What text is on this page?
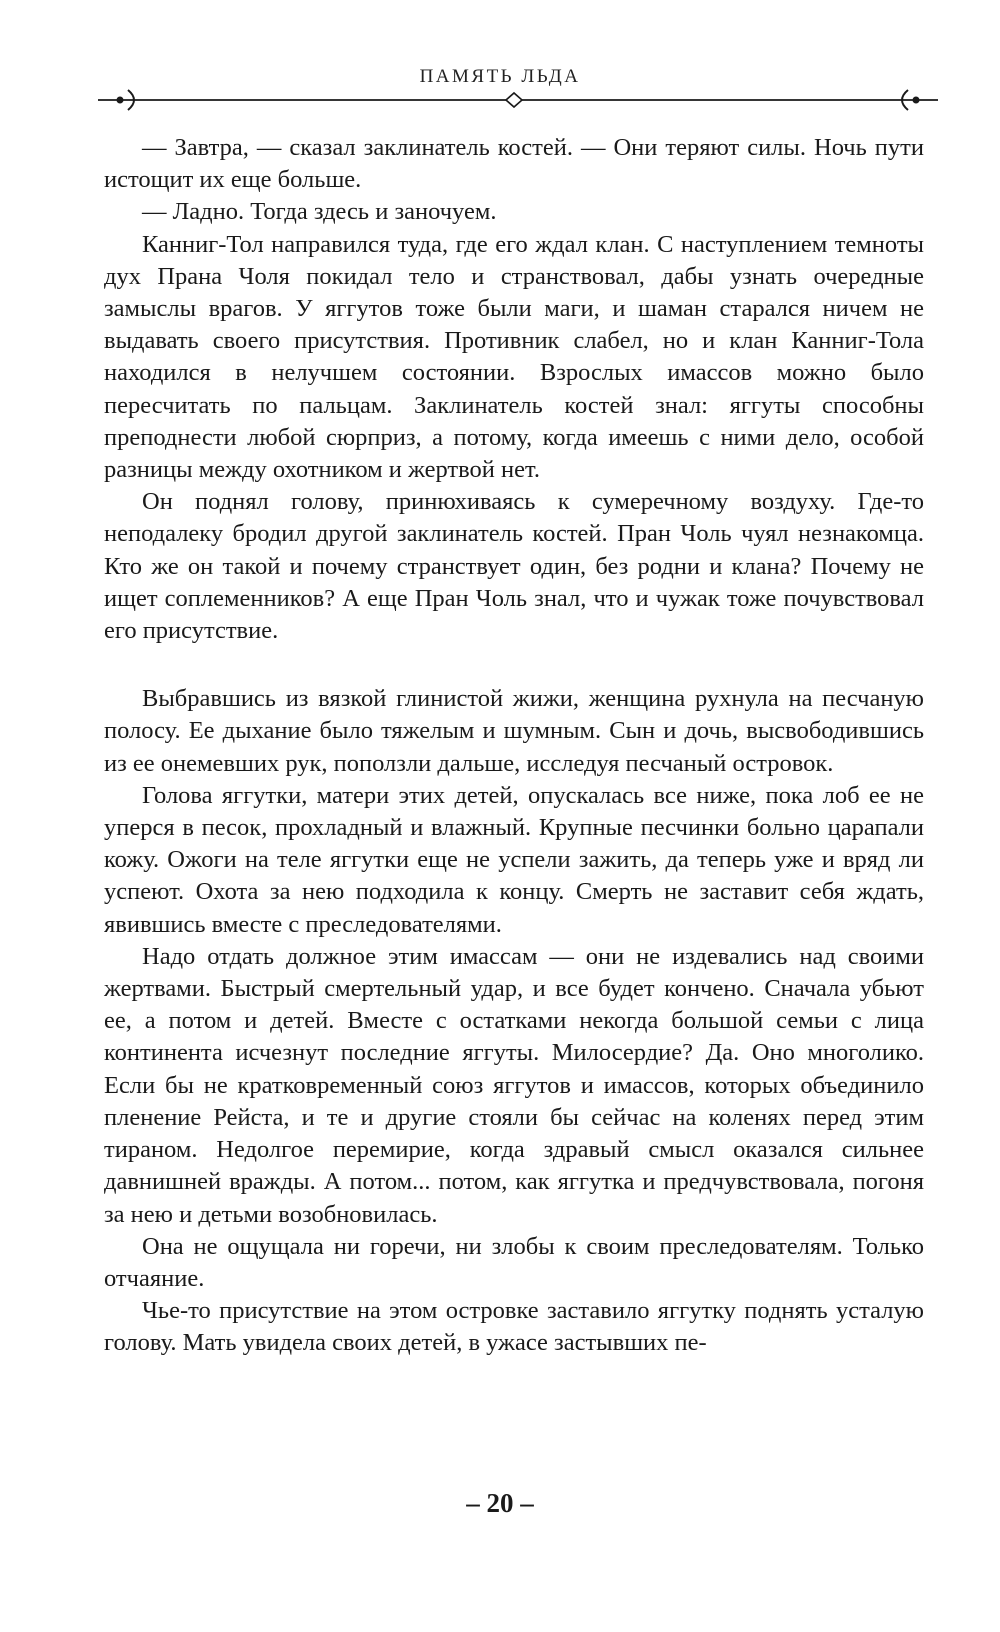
ПАМЯТЬ ЛЬДА

— Завтра, — сказал заклинатель костей. — Они теряют силы. Ночь пути истощит их еще больше.

— Ладно. Тогда здесь и заночуем.

Канниг-Тол направился туда, где его ждал клан. С наступлением темноты дух Прана Чоля покидал тело и странствовал, дабы узнать очередные замыслы врагов. У яггутов тоже были маги, и шаман старался ничем не выдавать своего присутствия. Противник слабел, но и клан Канниг-Тола находился в нелучшем состоянии. Взрослых имассов можно было пересчитать по пальцам. Заклинатель костей знал: яггуты способны преподнести любой сюрприз, а потому, когда имеешь с ними дело, особой разницы между охотником и жертвой нет.

Он поднял голову, принюхиваясь к сумеречному воздуху. Где-то неподалеку бродил другой заклинатель костей. Пран Чоль чуял незнакомца. Кто же он такой и почему странствует один, без родни и клана? Почему не ищет соплеменников? А еще Пран Чоль знал, что и чужак тоже почувствовал его присутствие.

Выбравшись из вязкой глинистой жижи, женщина рухнула на песчаную полосу. Ее дыхание было тяжелым и шумным. Сын и дочь, высвободившись из ее онемевших рук, поползли дальше, исследуя песчаный островок.

Голова яггутки, матери этих детей, опускалась все ниже, пока лоб ее не уперся в песок, прохладный и влажный. Крупные песчинки больно царапали кожу. Ожоги на теле яггутки еще не успели зажить, да теперь уже и вряд ли успеют. Охота за нею подходила к концу. Смерть не заставит себя ждать, явившись вместе с преследователями.

Надо отдать должное этим имассам — они не издевались над своими жертвами. Быстрый смертельный удар, и все будет кончено. Сначала убьют ее, а потом и детей. Вместе с остатками некогда большой семьи с лица континента исчезнут последние яггуты. Милосердие? Да. Оно многолико. Если бы не кратковременный союз яггутов и имассов, которых объединило пленение Рейста, и те и другие стояли бы сейчас на коленях перед этим тираном. Недолгое перемирие, когда здравый смысл оказался сильнее давнишней вражды. А потом... потом, как яггутка и предчувствовала, погоня за нею и детьми возобновилась.

Она не ощущала ни горечи, ни злобы к своим преследователям. Только отчаяние.

Чье-то присутствие на этом островке заставило яггутку поднять усталую голову. Мать увидела своих детей, в ужасе застывших пе-

– 20 –
